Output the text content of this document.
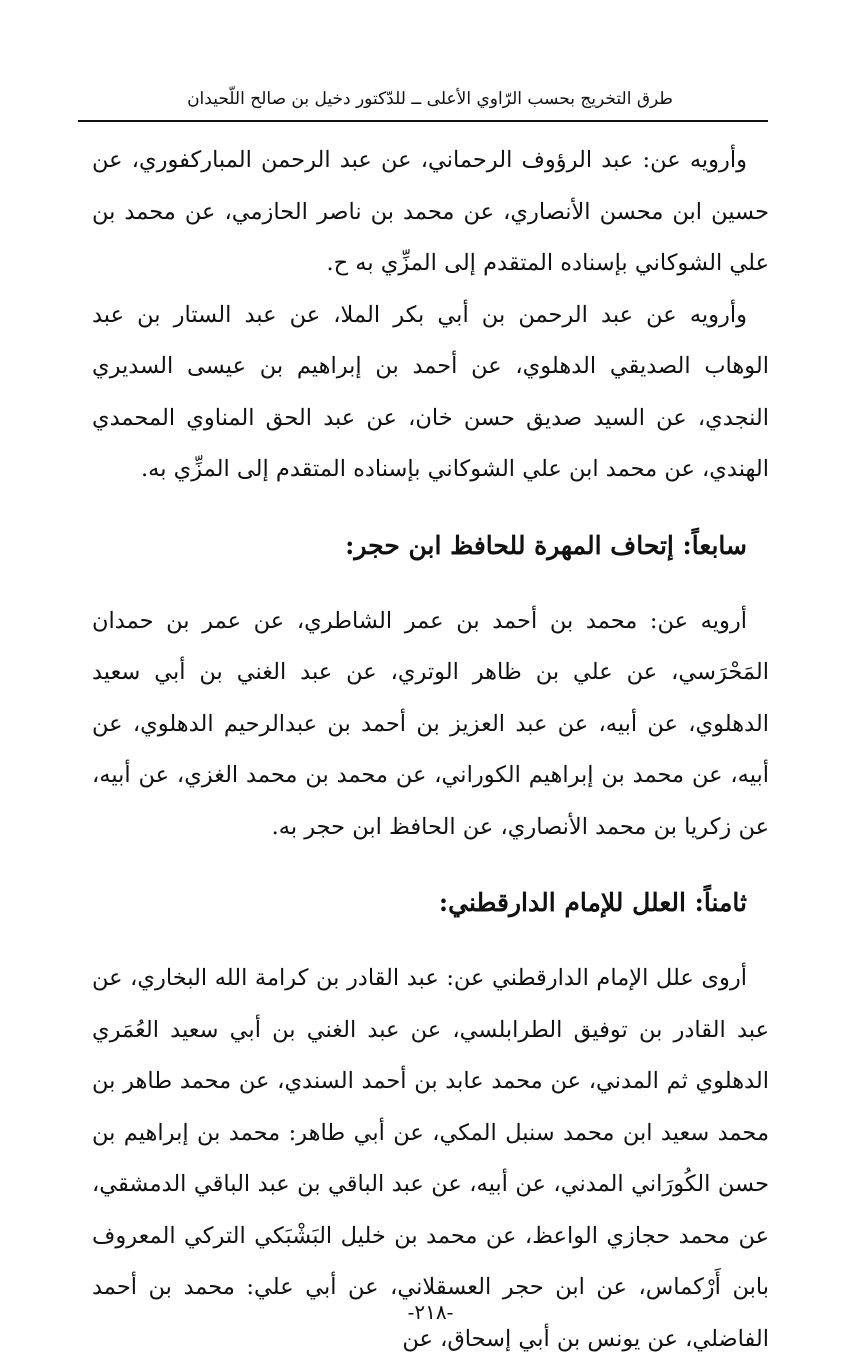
طرق التخريج بحسب الرّاوي الأعلى ــ للدّكتور دخيل بن صالح اللّحيدان

وأرويه عن: عبد الرؤوف الرحماني، عن عبد الرحمن المباركفوري، عن حسين ابن محسن الأنصاري، عن محمد بن ناصر الحازمي، عن محمد بن علي الشوكاني بإسناده المتقدم إلى المزِّي به ح.

وأرويه عن عبد الرحمن بن أبي بكر الملا، عن عبد الستار بن عبد الوهاب الصديقي الدهلوي، عن أحمد بن إبراهيم بن عيسى السديري النجدي، عن السيد صديق حسن خان، عن عبد الحق المناوي المحمدي الهندي، عن محمد ابن علي الشوكاني بإسناده المتقدم إلى المزِّي به.

سابعاً: إتحاف المهرة للحافظ ابن حجر:

أرويه عن: محمد بن أحمد بن عمر الشاطري، عن عمر بن حمدان المَحْرَسي، عن علي بن ظاهر الوتري، عن عبد الغني بن أبي سعيد الدهلوي، عن أبيه، عن عبد العزيز بن أحمد بن عبدالرحيم الدهلوي، عن أبيه، عن محمد بن إبراهيم الكوراني، عن محمد بن محمد الغزي، عن أبيه، عن زكريا بن محمد الأنصاري، عن الحافظ ابن حجر به.

ثامناً: العلل للإمام الدارقطني:

أروى علل الإمام الدارقطني عن: عبد القادر بن كرامة الله البخاري، عن عبد القادر بن توفيق الطرابلسي، عن عبد الغني بن أبي سعيد العُمَري الدهلوي ثم المدني، عن محمد عابد بن أحمد السندي، عن محمد طاهر بن محمد سعيد ابن محمد سنبل المكي، عن أبي طاهر: محمد بن إبراهيم بن حسن الكُورَاني المدني، عن أبيه، عن عبد الباقي بن عبد الباقي الدمشقي، عن محمد حجازي الواعظ، عن محمد بن خليل البَشْبَكي التركي المعروف بابن أَرْكماس، عن ابن حجر العسقلاني، عن أبي علي: محمد بن أحمد الفاضلي، عن يونس بن أبي إسحاق، عن

-٢١٨-
